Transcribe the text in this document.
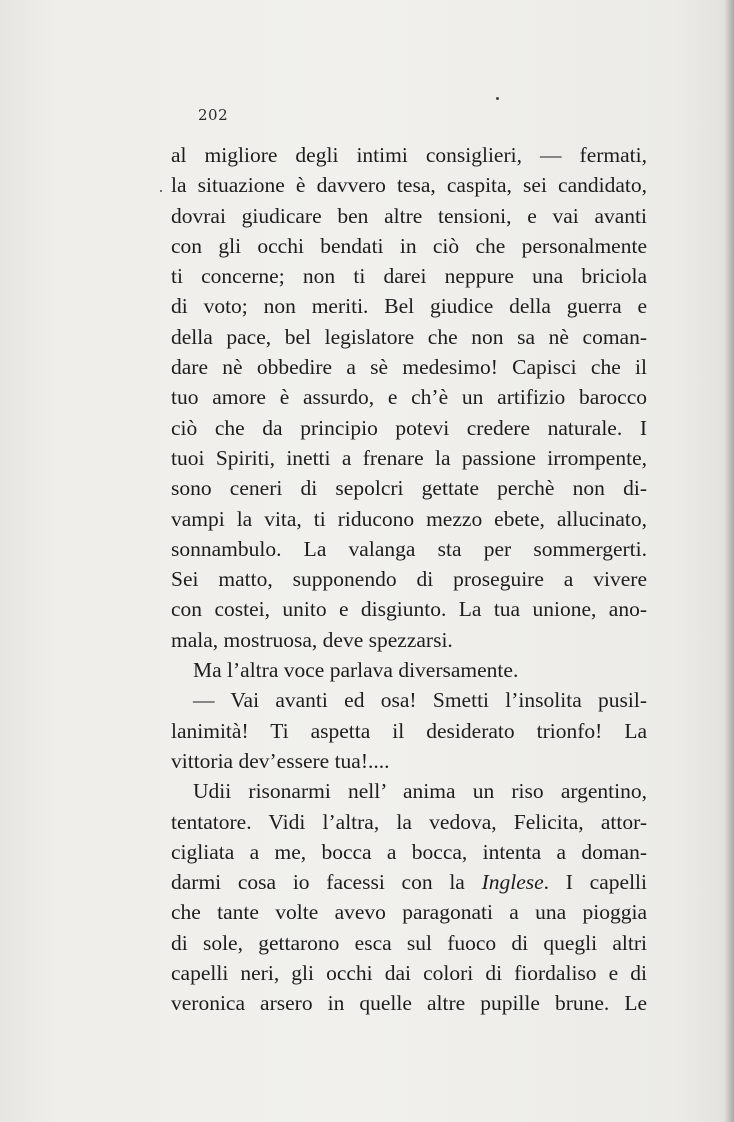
202
al migliore degli intimi consiglieri, — fermati,
la situazione è davvero tesa, caspita, sei candidato,
dovrai giudicare ben altre tensioni, e vai avanti
con gli occhi bendati in ciò che personalmente
ti concerne; non ti darei neppure una briciola
di voto; non meriti. Bel giudice della guerra e
della pace, bel legislatore che non sa nè coman-
dare nè obbedire a sè medesimo! Capisci che il
tuo amore è assurdo, e ch’è un artifizio barocco
ciò che da principio potevi credere naturale. I
tuoi Spiriti, inetti a frenare la passione irrompente,
sono ceneri di sepolcri gettate perchè non di-
vampi la vita, ti riducono mezzo ebete, allucinato,
sonnambulo. La valanga sta per sommergerti.
Sei matto, supponendo di proseguire a vivere
con costei, unito e disgiunto. La tua unione, ano-
mala, mostruosa, deve spezzarsi.
Ma l’altra voce parlava diversamente.
— Vai avanti ed osa! Smetti l’insolita pusil-
lanimità! Ti aspetta il desiderato trionfo! La
vittoria dev’essere tua!....
Udii risonarmi nell’ anima un riso argentino,
tentatore. Vidi l’altra, la vedova, Felicita, attor-
cigliata a me, bocca a bocca, intenta a doman-
darmi cosa io facessi con la Inglese. I capelli
che tante volte avevo paragonati a una pioggia
di sole, gettarono esca sul fuoco di quegli altri
capelli neri, gli occhi dai colori di fiordaliso e di
veronica arsero in quelle altre pupille brune. Le
